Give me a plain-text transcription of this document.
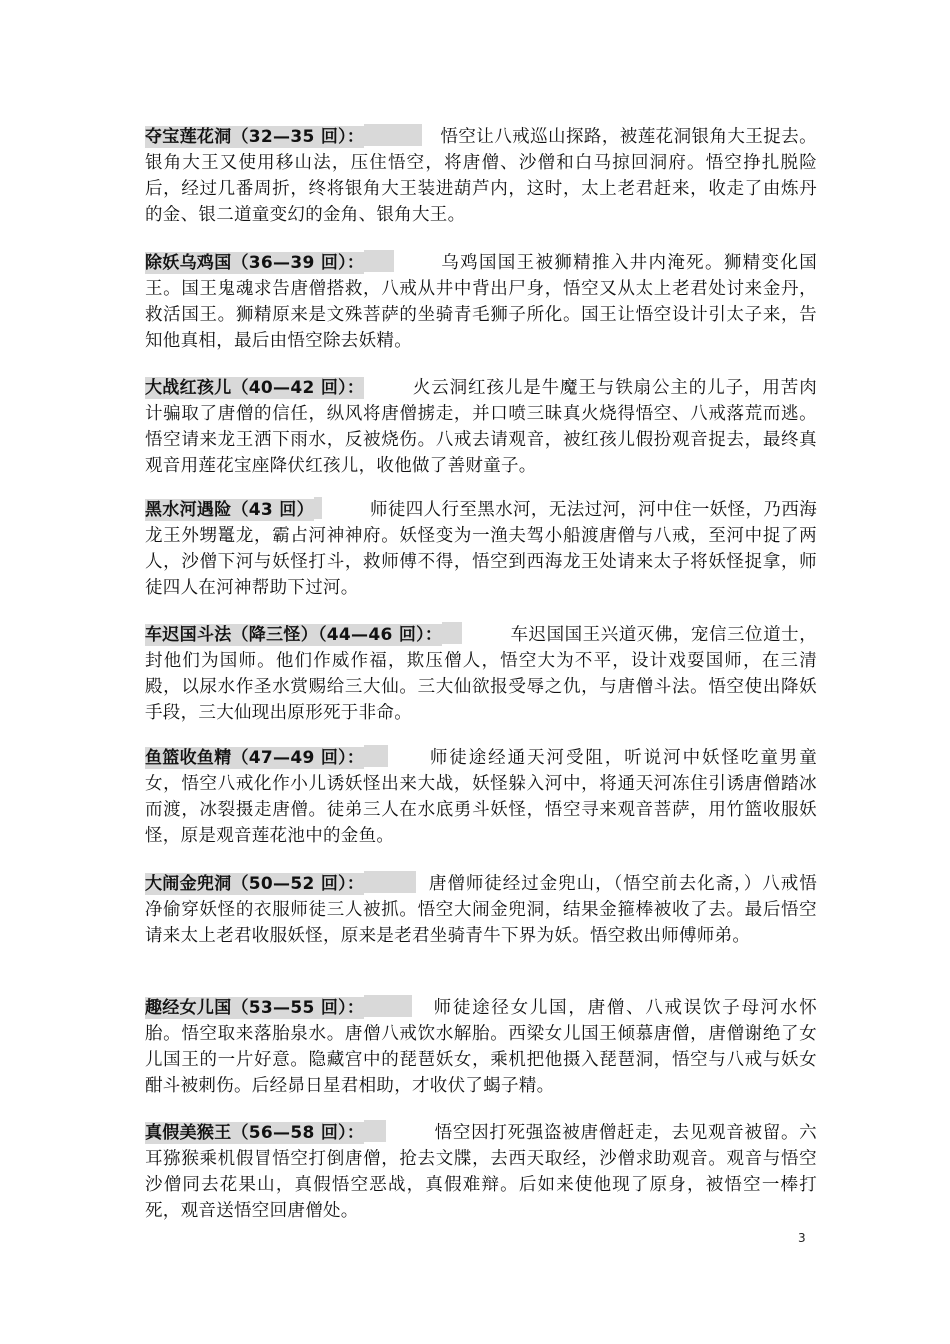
夺宝莲花洞（32—35 回）：	悟空让八戒巡山探路，被莲花洞银角大王捉去。银角大王又使用移山法，压住悟空，将唐僧、沙僧和白马掠回洞府。悟空挣扎脱险后，经过几番周折，终将银角大王装进葫芦内，这时，太上老君赶来，收走了由炼丹的金、银二道童变幻的金角、银角大王。

除妖乌鸡国（36—39 回）：	乌鸡国国王被狮精推入井内淹死。狮精变化国王。国王鬼魂求告唐僧搭救，八戒从井中背出尸身，悟空又从太上老君处讨来金丹，救活国王。狮精原来是文殊菩萨的坐骑青毛狮子所化。国王让悟空设计引太子来，告知他真相，最后由悟空除去妖精。

大战红孩儿（40—42 回）：	火云洞红孩儿是牛魔王与铁扇公主的儿子，用苦肉计骗取了唐僧的信任，纵风将唐僧掳走，并口喷三昧真火烧得悟空、八戒落荒而逃。悟空请来龙王洒下雨水，反被烧伤。八戒去请观音，被红孩儿假扮观音捉去，最终真观音用莲花宝座降伏红孩儿，收他做了善财童子。

黑水河遇险（43 回）	师徒四人行至黑水河，无法过河，河中住一妖怪，乃西海龙王外甥鼍龙，霸占河神神府。妖怪变为一渔夫驾小船渡唐僧与八戒，至河中捉了两人，沙僧下河与妖怪打斗，救师傅不得，悟空到西海龙王处请来太子将妖怪捉拿，师徒四人在河神帮助下过河。

车迟国斗法（降三怪）（44—46 回）：	车迟国国王兴道灭佛，宠信三位道士，封他们为国师。他们作威作福，欺压僧人，悟空大为不平，设计戏耍国师，在三清殿，以尿水作圣水赏赐给三大仙。三大仙欲报受辱之仇，与唐僧斗法。悟空使出降妖手段，三大仙现出原形死于非命。

鱼篮收鱼精（47—49 回）：	师徒途经通天河受阻，听说河中妖怪吃童男童女，悟空八戒化作小儿诱妖怪出来大战，妖怪躲入河中，将通天河冻住引诱唐僧踏冰而渡，冰裂摄走唐僧。徒弟三人在水底勇斗妖怪，悟空寻来观音菩萨，用竹篮收服妖怪，原是观音莲花池中的金鱼。

大闹金兜洞（50—52 回）：	唐僧师徒经过金兜山，（悟空前去化斋，）八戒悟净偷穿妖怪的衣服师徒三人被抓。悟空大闹金兜洞，结果金箍棒被收了去。最后悟空请来太上老君收服妖怪，原来是老君坐骑青牛下界为妖。悟空救出师傅师弟。

趣经女儿国（53—55 回）：	师徒途径女儿国，唐僧、八戒误饮子母河水怀胎。悟空取来落胎泉水。唐僧八戒饮水解胎。西梁女儿国王倾慕唐僧，唐僧谢绝了女儿国王的一片好意。隐藏宫中的琵琶妖女，乘机把他摄入琵琶洞，悟空与八戒与妖女酣斗被刺伤。后经昴日星君相助，才收伏了蝎子精。

真假美猴王（56—58 回）：	悟空因打死强盗被唐僧赶走，去见观音被留。六耳猕猴乘机假冒悟空打倒唐僧，抢去文牒，去西天取经，沙僧求助观音。观音与悟空沙僧同去花果山，真假悟空恶战，真假难辩。后如来使他现了原身，被悟空一棒打死，观音送悟空回唐僧处。

3
